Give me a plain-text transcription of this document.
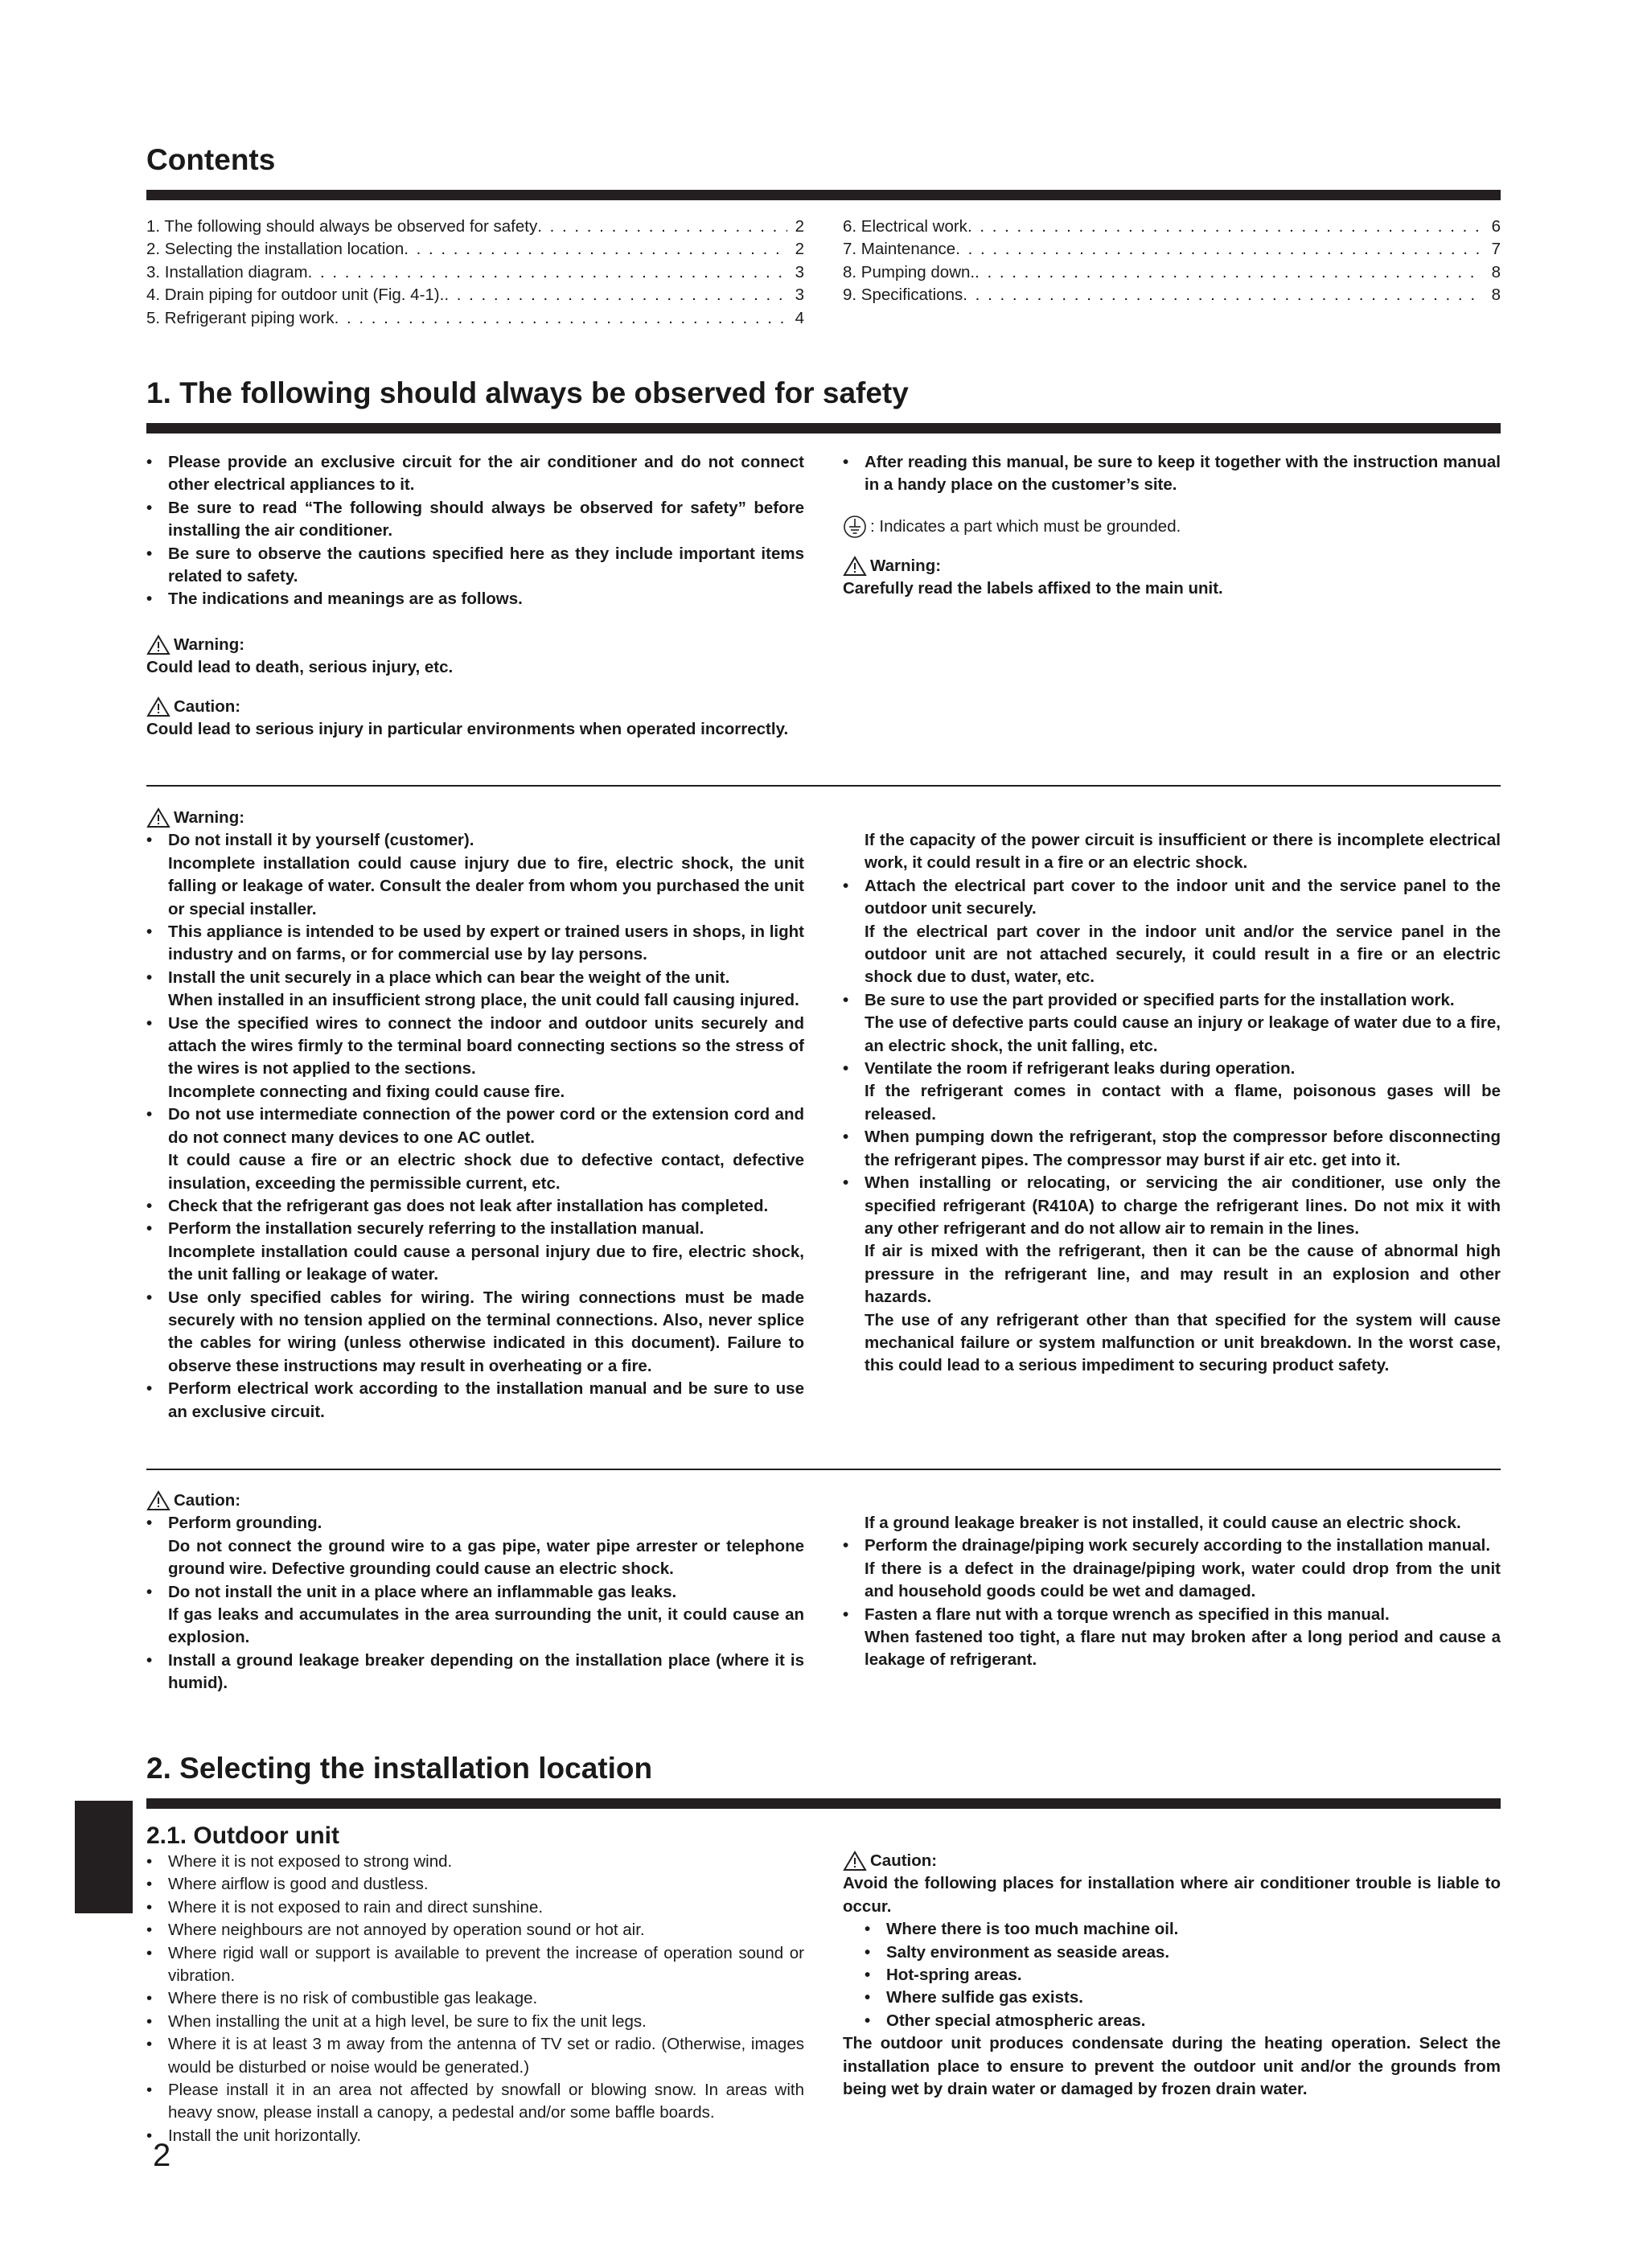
Contents
1. The following should always be observed for safety . . .	2
2. Selecting the installation location . . .	2
3. Installation diagram . . .	3
4. Drain piping for outdoor unit (Fig. 4-1). . . .	3
5. Refrigerant piping work . . .	4
6. Electrical work . . .	6
7. Maintenance . . .	7
8. Pumping down. . . .	8
9. Specifications . . .	8
1. The following should always be observed for safety
• Please provide an exclusive circuit for the air conditioner and do not connect other electrical appliances to it.
• Be sure to read “The following should always be observed for safety” before installing the air conditioner.
• Be sure to observe the cautions specified here as they include important items related to safety.
• The indications and meanings are as follows.
Warning:
Could lead to death, serious injury, etc.
Caution:
Could lead to serious injury in particular environments when operated incorrectly.
• After reading this manual, be sure to keep it together with the instruction manual in a handy place on the customer’s site.
: Indicates a part which must be grounded.
Warning:
Carefully read the labels affixed to the main unit.
Warning:
• Do not install it by yourself (customer).
Incomplete installation could cause injury due to fire, electric shock, the unit falling or leakage of water. Consult the dealer from whom you purchased the unit or special installer.
• This appliance is intended to be used by expert or trained users in shops, in light industry and on farms, or for commercial use by lay persons.
• Install the unit securely in a place which can bear the weight of the unit.
When installed in an insufficient strong place, the unit could fall causing injured.
• Use the specified wires to connect the indoor and outdoor units securely and attach the wires firmly to the terminal board connecting sections so the stress of the wires is not applied to the sections.
Incomplete connecting and fixing could cause fire.
• Do not use intermediate connection of the power cord or the extension cord and do not connect many devices to one AC outlet.
It could cause a fire or an electric shock due to defective contact, defective insulation, exceeding the permissible current, etc.
• Check that the refrigerant gas does not leak after installation has completed.
• Perform the installation securely referring to the installation manual.
Incomplete installation could cause a personal injury due to fire, electric shock, the unit falling or leakage of water.
• Use only specified cables for wiring. The wiring connections must be made securely with no tension applied on the terminal connections. Also, never splice the cables for wiring (unless otherwise indicated in this document). Failure to observe these instructions may result in overheating or a fire.
• Perform electrical work according to the installation manual and be sure to use an exclusive circuit.
If the capacity of the power circuit is insufficient or there is incomplete electrical work, it could result in a fire or an electric shock.
• Attach the electrical part cover to the indoor unit and the service panel to the outdoor unit securely.
If the electrical part cover in the indoor unit and/or the service panel in the outdoor unit are not attached securely, it could result in a fire or an electric shock due to dust, water, etc.
• Be sure to use the part provided or specified parts for the installation work.
The use of defective parts could cause an injury or leakage of water due to a fire, an electric shock, the unit falling, etc.
• Ventilate the room if refrigerant leaks during operation.
If the refrigerant comes in contact with a flame, poisonous gases will be released.
• When pumping down the refrigerant, stop the compressor before disconnecting the refrigerant pipes. The compressor may burst if air etc. get into it.
• When installing or relocating, or servicing the air conditioner, use only the specified refrigerant (R410A) to charge the refrigerant lines. Do not mix it with any other refrigerant and do not allow air to remain in the lines.
If air is mixed with the refrigerant, then it can be the cause of abnormal high pressure in the refrigerant line, and may result in an explosion and other hazards.
The use of any refrigerant other than that specified for the system will cause mechanical failure or system malfunction or unit breakdown. In the worst case, this could lead to a serious impediment to securing product safety.
Caution:
• Perform grounding.
Do not connect the ground wire to a gas pipe, water pipe arrester or telephone ground wire. Defective grounding could cause an electric shock.
• Do not install the unit in a place where an inflammable gas leaks.
If gas leaks and accumulates in the area surrounding the unit, it could cause an explosion.
• Install a ground leakage breaker depending on the installation place (where it is humid).
If a ground leakage breaker is not installed, it could cause an electric shock.
• Perform the drainage/piping work securely according to the installation manual.
If there is a defect in the drainage/piping work, water could drop from the unit and household goods could be wet and damaged.
• Fasten a flare nut with a torque wrench as specified in this manual.
When fastened too tight, a flare nut may broken after a long period and cause a leakage of refrigerant.
2. Selecting the installation location
2.1. Outdoor unit
• Where it is not exposed to strong wind.
• Where airflow is good and dustless.
• Where it is not exposed to rain and direct sunshine.
• Where neighbours are not annoyed by operation sound or hot air.
• Where rigid wall or support is available to prevent the increase of operation sound or vibration.
• Where there is no risk of combustible gas leakage.
• When installing the unit at a high level, be sure to fix the unit legs.
• Where it is at least 3 m away from the antenna of TV set or radio. (Otherwise, images would be disturbed or noise would be generated.)
• Please install it in an area not affected by snowfall or blowing snow. In areas with heavy snow, please install a canopy, a pedestal and/or some baffle boards.
• Install the unit horizontally.
Caution:
Avoid the following places for installation where air conditioner trouble is liable to occur.
• Where there is too much machine oil.
• Salty environment as seaside areas.
• Hot-spring areas.
• Where sulfide gas exists.
• Other special atmospheric areas.
The outdoor unit produces condensate during the heating operation. Select the installation place to ensure to prevent the outdoor unit and/or the grounds from being wet by drain water or damaged by frozen drain water.
2
